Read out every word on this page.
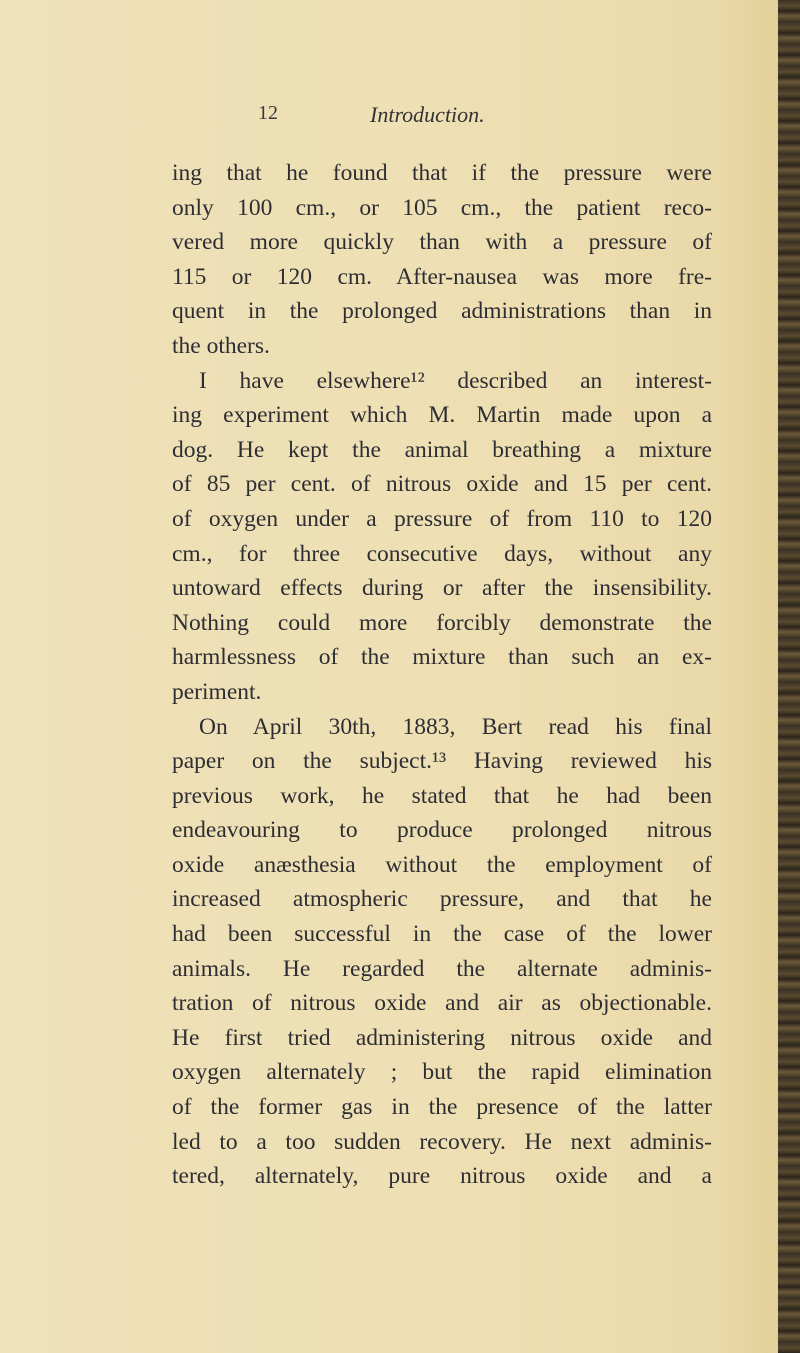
12	Introduction.
ing that he found that if the pressure were
only 100 cm., or 105 cm., the patient reco-
vered more quickly than with a pressure of
115 or 120 cm. After-nausea was more fre-
quent in the prolonged administrations than in
the others.
I have elsewhere¹² described an interest-
ing experiment which M. Martin made upon a
dog. He kept the animal breathing a mixture
of 85 per cent. of nitrous oxide and 15 per cent.
of oxygen under a pressure of from 110 to 120
cm., for three consecutive days, without any
untoward effects during or after the insensibility.
Nothing could more forcibly demonstrate the
harmlessness of the mixture than such an ex-
periment.
On April 30th, 1883, Bert read his final
paper on the subject.¹³ Having reviewed his
previous work, he stated that he had been
endeavouring to produce prolonged nitrous
oxide anæsthesia without the employment of
increased atmospheric pressure, and that he
had been successful in the case of the lower
animals. He regarded the alternate adminis-
tration of nitrous oxide and air as objectionable.
He first tried administering nitrous oxide and
oxygen alternately ; but the rapid elimination
of the former gas in the presence of the latter
led to a too sudden recovery. He next adminis-
tered, alternately, pure nitrous oxide and a
